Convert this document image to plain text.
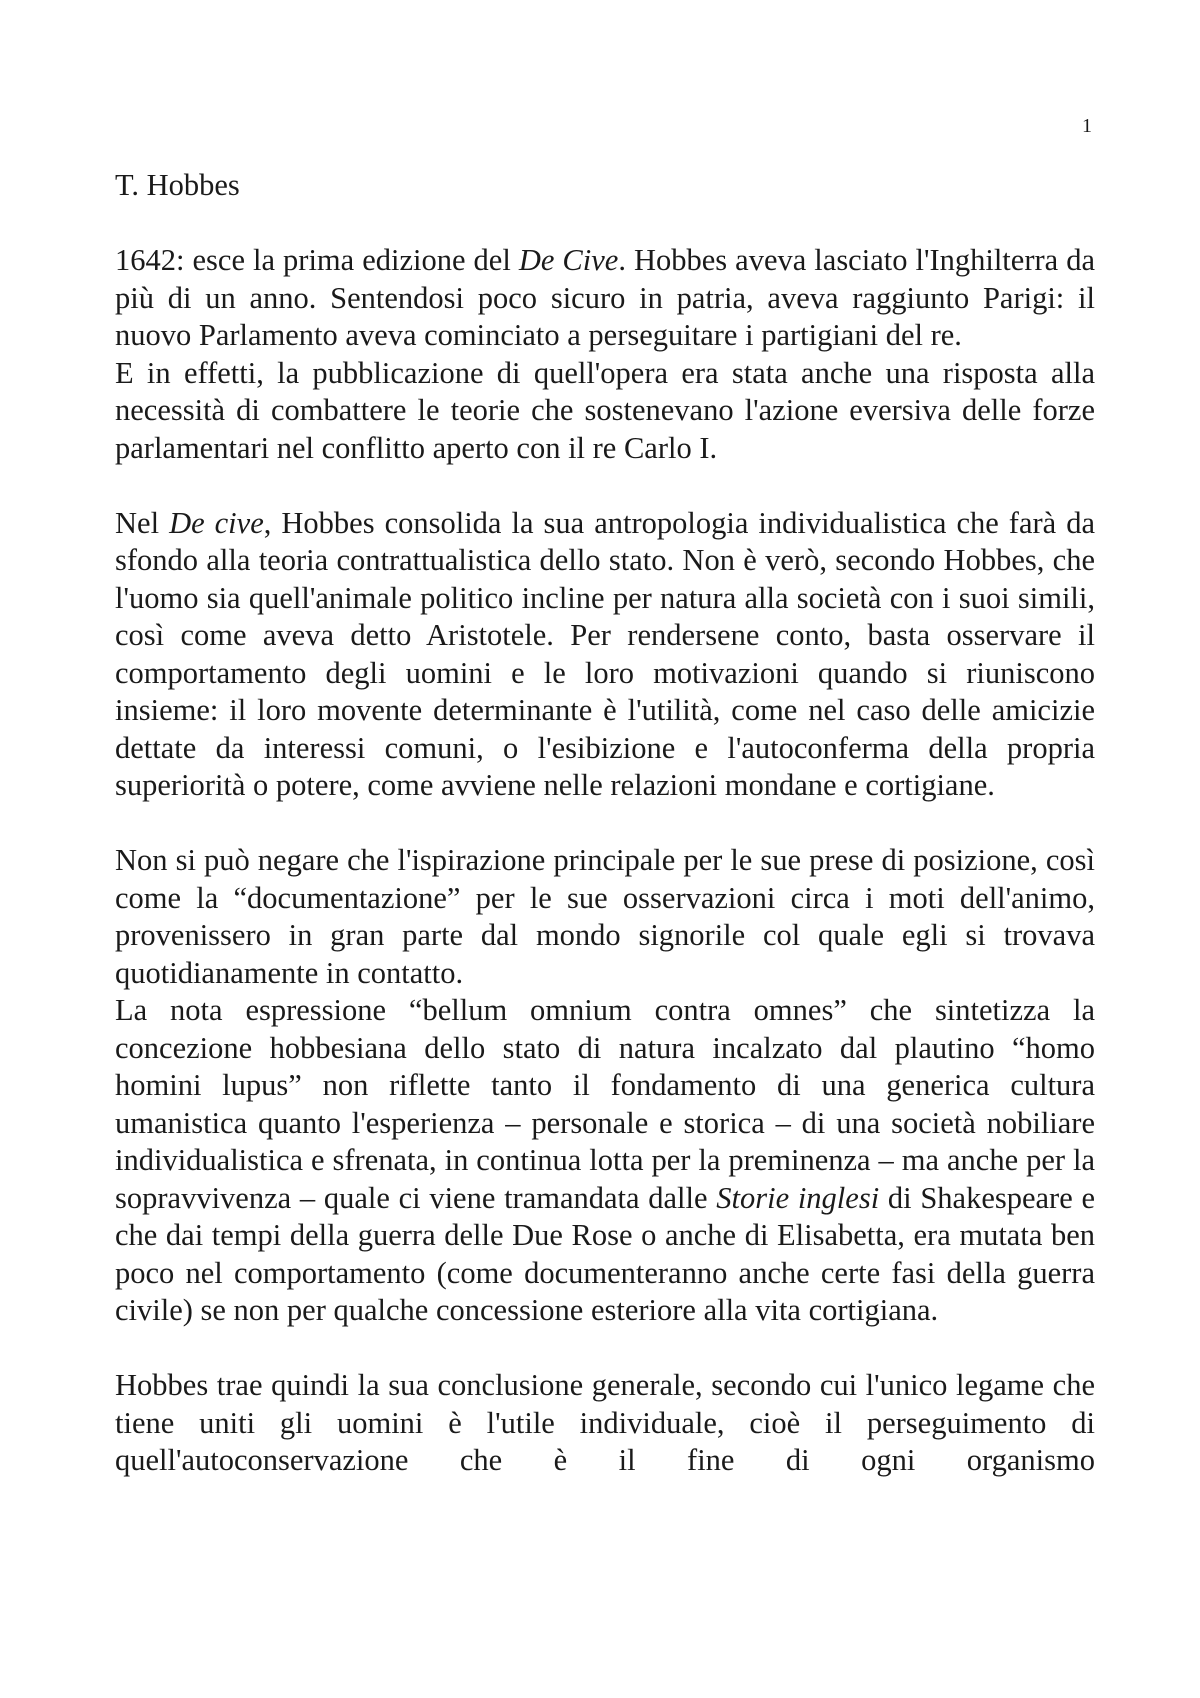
1

T. Hobbes

1642: esce la prima edizione del De Cive. Hobbes aveva lasciato l'Inghilterra da più di un anno. Sentendosi poco sicuro in patria, aveva raggiunto Parigi: il nuovo Parlamento aveva cominciato a perseguitare i partigiani del re.

E in effetti, la pubblicazione di quell'opera era stata anche una risposta alla necessità di combattere le teorie che sostenevano l'azione eversiva delle forze parlamentari nel conflitto aperto con il re Carlo I.

Nel De cive, Hobbes consolida la sua antropologia individualistica che farà da sfondo alla teoria contrattualistica dello stato. Non è verò, secondo Hobbes, che l'uomo sia quell'animale politico incline per natura alla società con i suoi simili, così come aveva detto Aristotele. Per rendersene conto, basta osservare il comportamento degli uomini e le loro motivazioni quando si riuniscono insieme: il loro movente determinante è l'utilità, come nel caso delle amicizie dettate da interessi comuni, o l'esibizione e l'autoconferma della propria superiorità o potere, come avviene nelle relazioni mondane e cortigiane.

Non si può negare che l'ispirazione principale per le sue prese di posizione, così come la “documentazione” per le sue osservazioni circa i moti dell'animo, provenissero in gran parte dal mondo signorile col quale egli si trovava quotidianamente in contatto.

La nota espressione “bellum omnium contra omnes” che sintetizza la concezione hobbesiana dello stato di natura incalzato dal plautino “homo homini lupus” non riflette tanto il fondamento di una generica cultura umanistica quanto l'esperienza – personale e storica – di una società nobiliare individualistica e sfrenata, in continua lotta per la preminenza – ma anche per la sopravvivenza – quale ci viene tramandata dalle Storie inglesi di Shakespeare e che dai tempi della guerra delle Due Rose o anche di Elisabetta, era mutata ben poco nel comportamento (come documenteranno anche certe fasi della guerra civile) se non per qualche concessione esteriore alla vita cortigiana.

Hobbes trae quindi la sua conclusione generale, secondo cui l'unico legame che tiene uniti gli uomini è l'utile individuale, cioè il perseguimento di quell'autoconservazione che è il fine di ogni organismo
